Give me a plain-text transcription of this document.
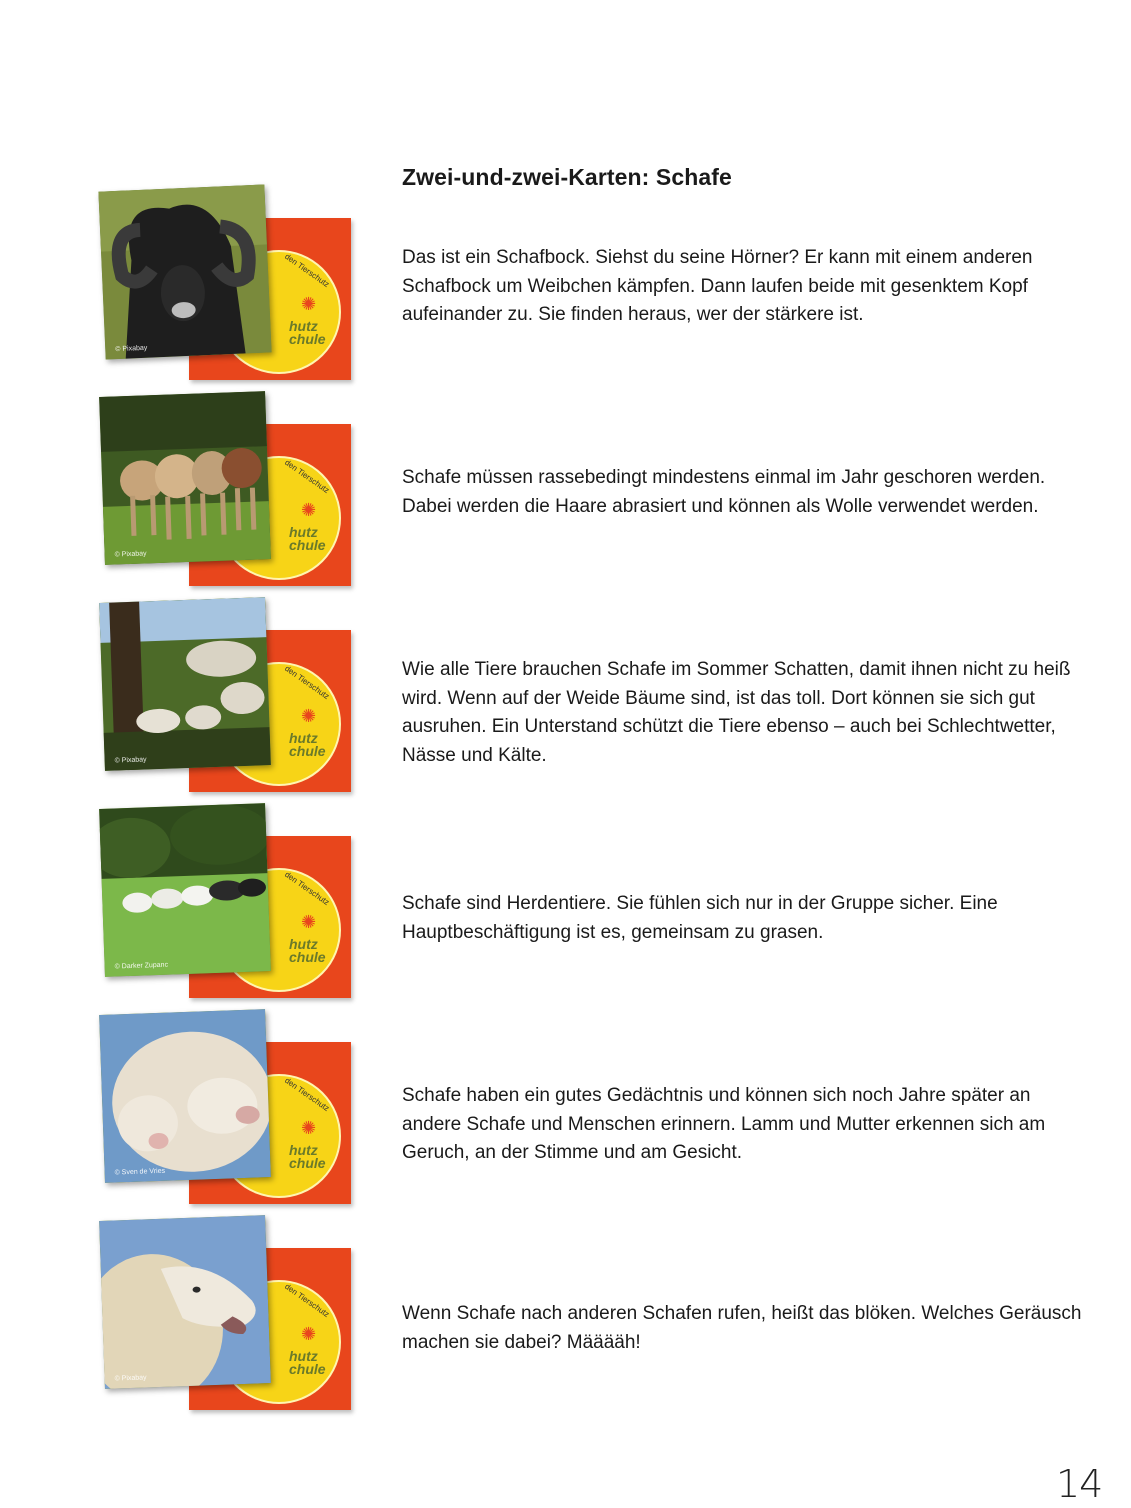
Zwei-und-zwei-Karten: Schafe
den Tierschutz
✺
hutz chule
© Pixabay

Das ist ein Schafbock. Siehst du seine Hörner? Er kann mit einem anderen Schafbock um Weibchen kämpfen. Dann laufen beide mit gesenktem Kopf aufeinander zu. Sie finden heraus, wer der stärkere ist.

den Tierschutz
✺
hutz chule
© Pixabay

Schafe müssen rassebedingt mindestens einmal im Jahr geschoren werden. Dabei werden die Haare abrasiert und können als Wolle verwendet werden.

den Tierschutz
✺
hutz chule
© Pixabay

Wie alle Tiere brauchen Schafe im Sommer Schatten, damit ihnen nicht zu heiß wird. Wenn auf der Weide Bäume sind, ist das toll. Dort können sie sich gut ausruhen. Ein Unterstand schützt die Tiere ebenso – auch bei Schlechtwetter, Nässe und Kälte.

den Tierschutz
✺
hutz chule
© Darker Zupanc

Schafe sind Herdentiere. Sie fühlen sich nur in der Gruppe sicher. Eine Hauptbeschäftigung ist es, gemeinsam zu grasen.

den Tierschutz
✺
hutz chule
© Sven de Vries

Schafe haben ein gutes Gedächtnis und können sich noch Jahre später an andere Schafe und Menschen erinnern. Lamm und Mutter erkennen sich am Geruch, an der Stimme und am Gesicht.

den Tierschutz
✺
hutz chule
© Pixabay

Wenn Schafe nach anderen Schafen rufen, heißt das blöken. Welches Geräusch machen sie dabei? Määääh!

14
